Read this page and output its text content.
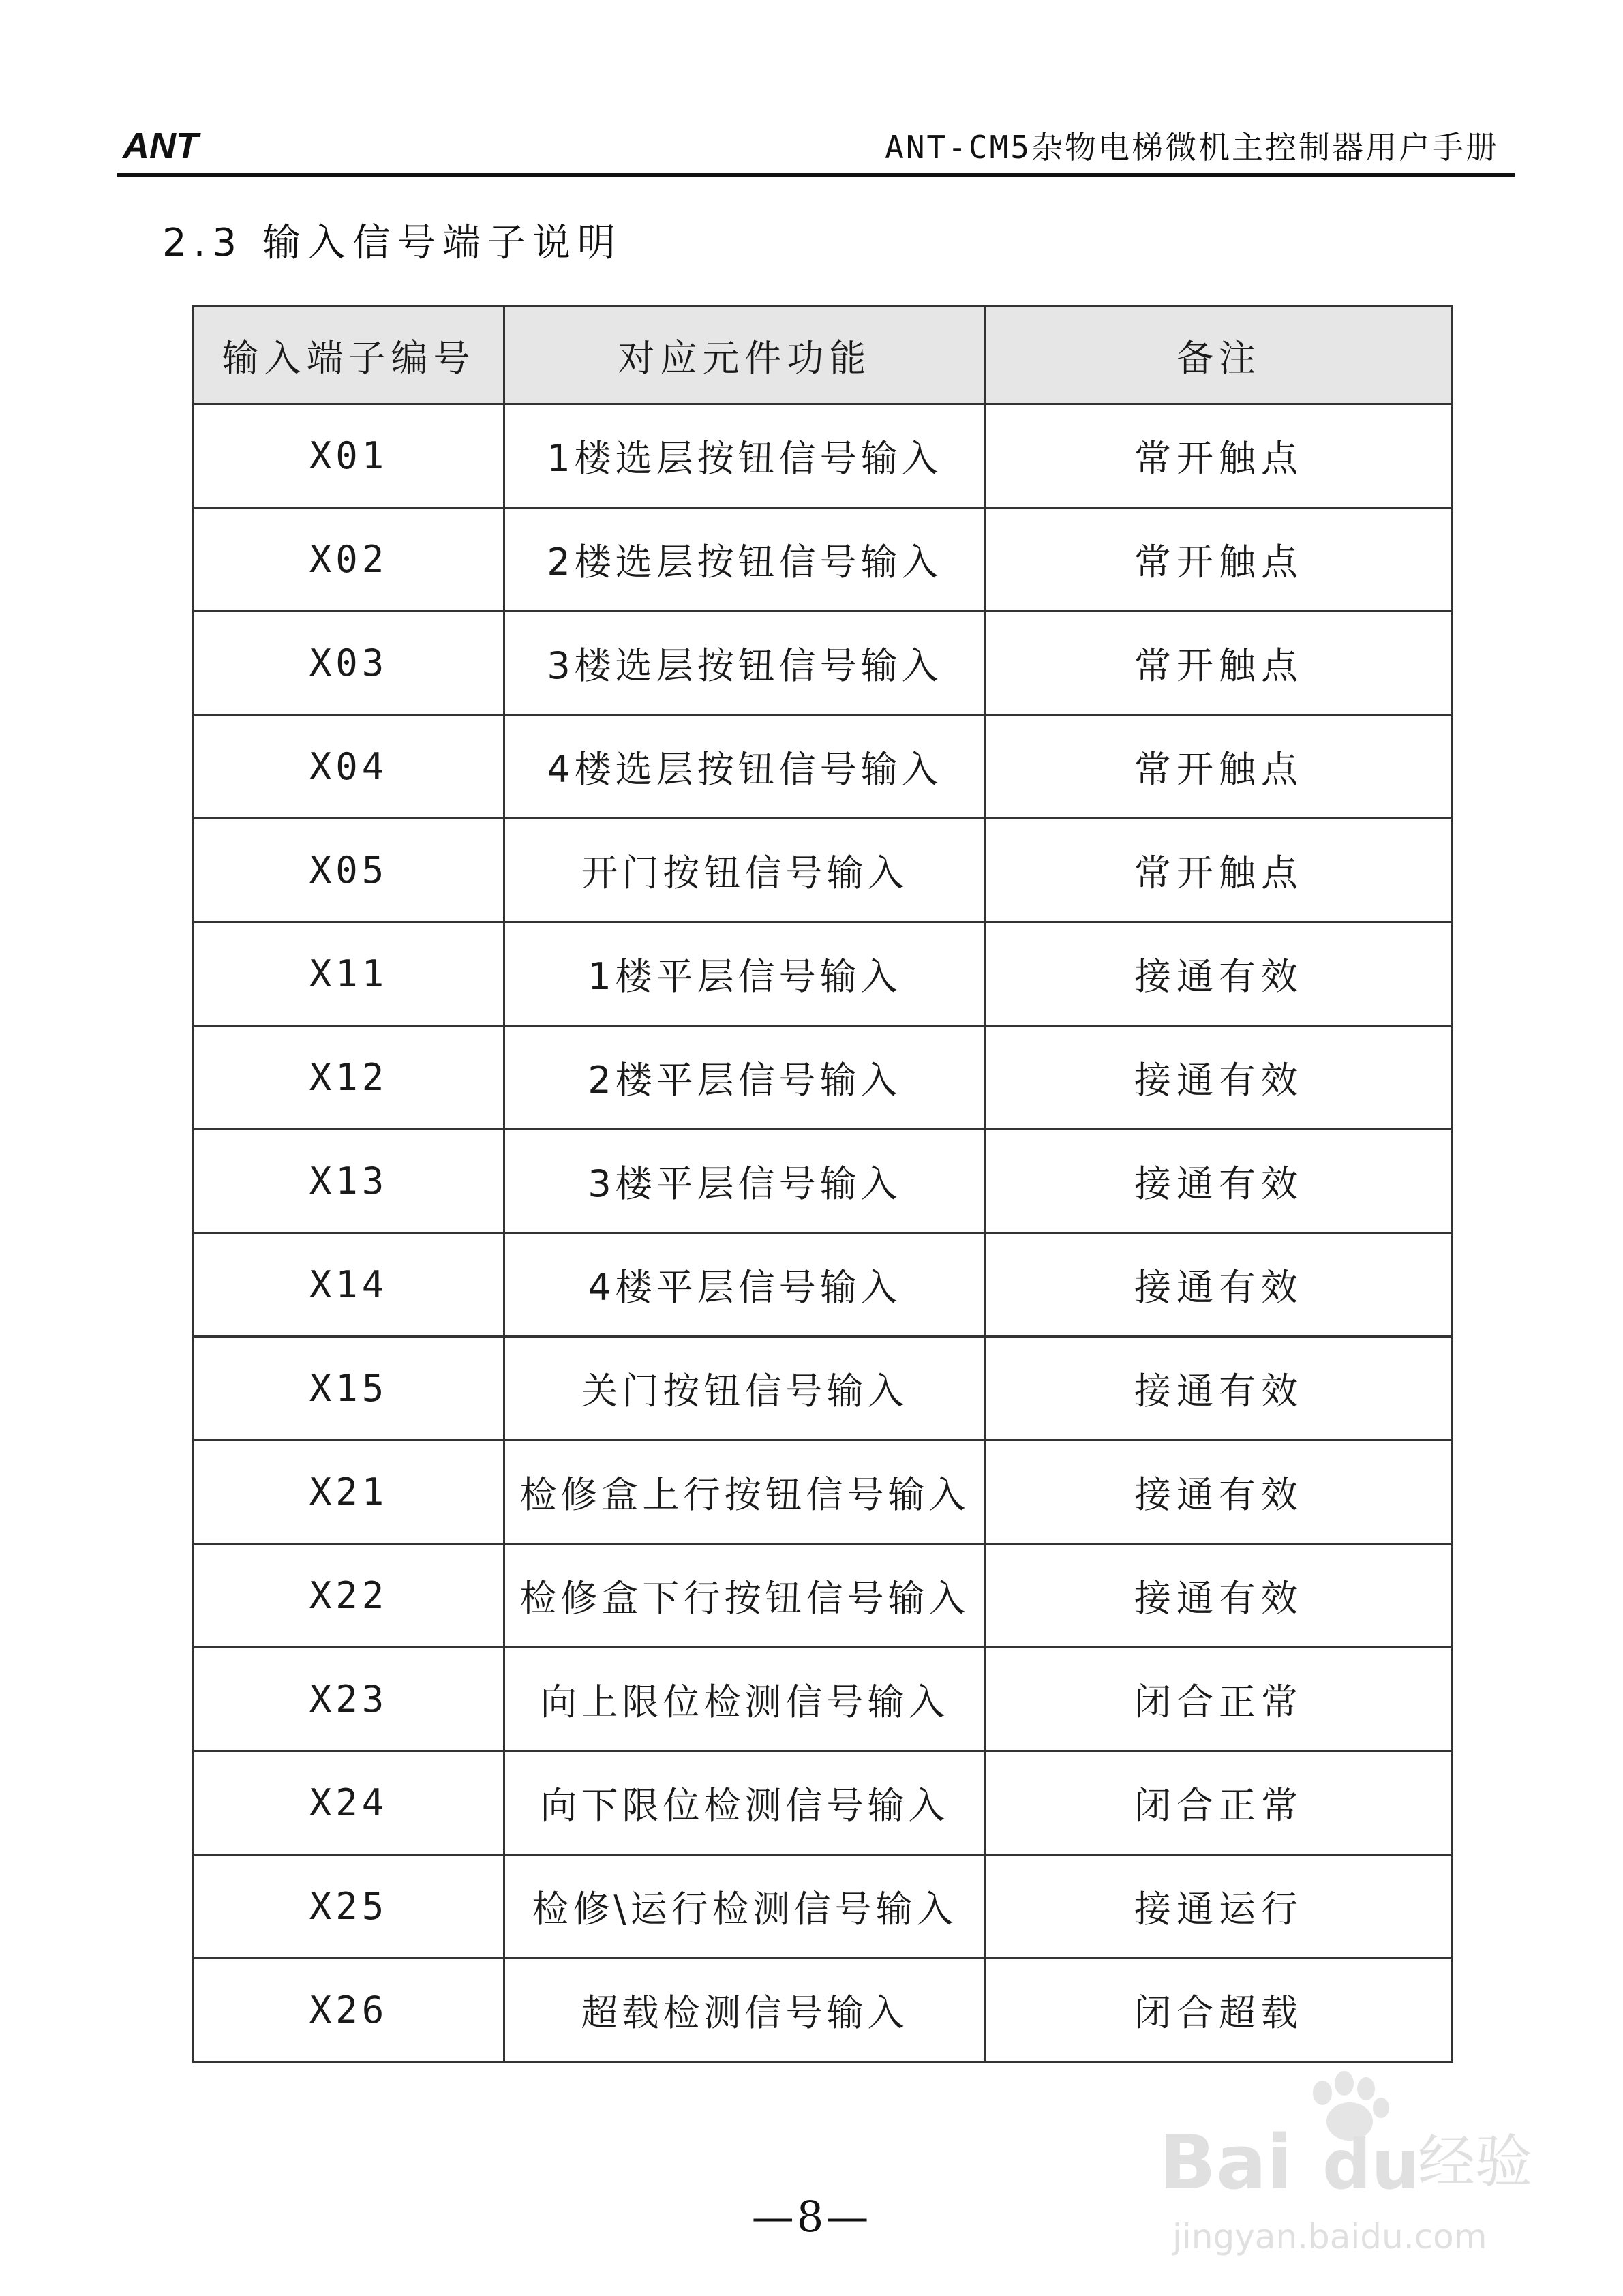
ANT	ANT-CM5杂物电梯微机主控制器用户手册
2.3 输入信号端子说明
输入端子编号	对应元件功能	备注
X01	1楼选层按钮信号输入	常开触点
X02	2楼选层按钮信号输入	常开触点
X03	3楼选层按钮信号输入	常开触点
X04	4楼选层按钮信号输入	常开触点
X05	开门按钮信号输入	常开触点
X11	1楼平层信号输入	接通有效
X12	2楼平层信号输入	接通有效
X13	3楼平层信号输入	接通有效
X14	4楼平层信号输入	接通有效
X15	关门按钮信号输入	接通有效
X21	检修盒上行按钮信号输入	接通有效
X22	检修盒下行按钮信号输入	接通有效
X23	向上限位检测信号输入	闭合正常
X24	向下限位检测信号输入	闭合正常
X25	检修\运行检测信号输入	接通运行
X26	超载检测信号输入	闭合超载
—8—
Bai du
经验
jingyan.baidu.com
